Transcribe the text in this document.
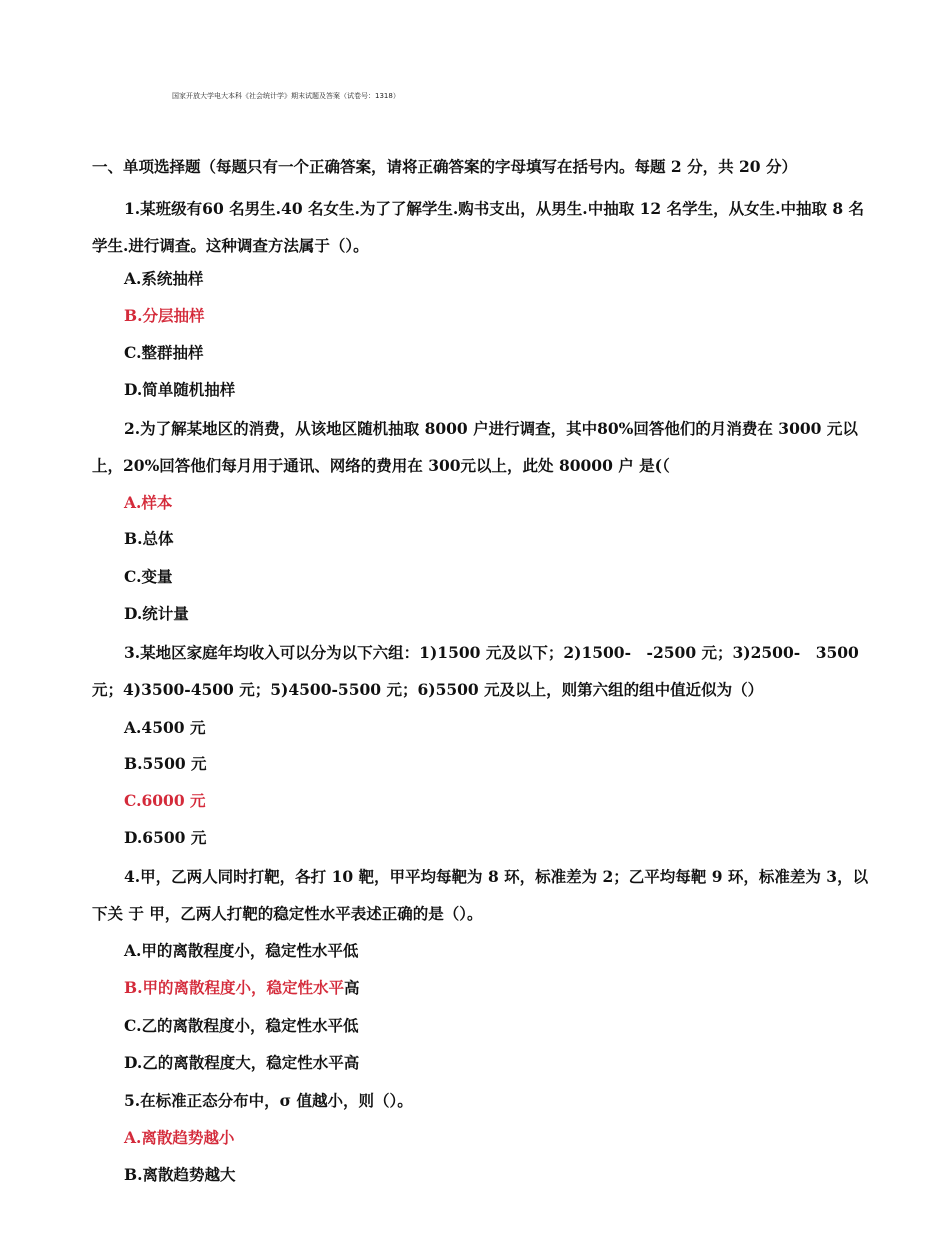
国家开放大学电大本科《社会统计学》期末试题及答案（试卷号：1318）
一、单项选择题（每题只有一个正确答案，请将正确答案的字母填写在括号内。每题 2 分，共 20 分）
1.某班级有60 名男生.40 名女生.为了了解学生.购书支出，从男生.中抽取 12 名学生，从女生.中抽取 8 名学生.进行调查。这种调查方法属于（）。
A.系统抽样
B.分层抽样
C.整群抽样
D.简单随机抽样
2.为了解某地区的消费，从该地区随机抽取 8000 户进行调查，其中80%回答他们的月消费在 3000 元以上，20%回答他们每月用于通讯、网络的费用在 300元以上，此处 80000 户 是(（
A.样本
B.总体
C.变量
D.统计量
3.某地区家庭年均收入可以分为以下六组：1)1500 元及以下；2)1500-　-2500 元；3)2500-　3500 元；4)3500-4500 元；5)4500-5500 元；6)5500 元及以上，则第六组的组中值近似为（）
A.4500 元
B.5500 元
C.6000 元
D.6500 元
4.甲，乙两人同时打靶，各打 10 靶，甲平均每靶为 8 环，标准差为 2；乙平均每靶 9 环，标准差为 3，以下关 于 甲，乙两人打靶的稳定性水平表述正确的是（）。
A.甲的离散程度小，稳定性水平低
B.甲的离散程度小，稳定性水平高
C.乙的离散程度小，稳定性水平低
D.乙的离散程度大，稳定性水平高
5.在标准正态分布中，σ 值越小，则（）。
A.离散趋势越小
B.离散趋势越大
